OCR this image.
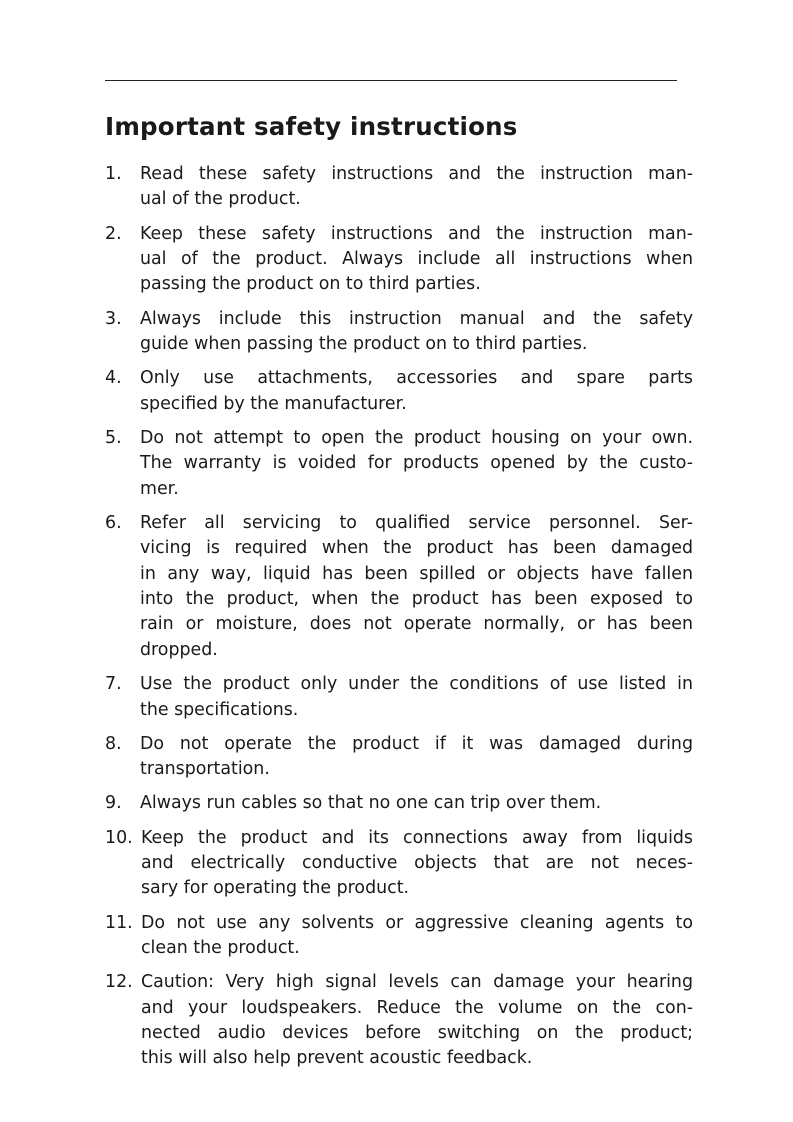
Important safety instructions
1. Read these safety instructions and the instruction man-
ual of the product.
2. Keep these safety instructions and the instruction man-
ual of the product. Always include all instructions when
passing the product on to third parties.
3. Always include this instruction manual and the safety
guide when passing the product on to third parties.
4. Only use attachments, accessories and spare parts
specified by the manufacturer.
5. Do not attempt to open the product housing on your own.
The warranty is voided for products opened by the custo-
mer.
6. Refer all servicing to qualified service personnel. Ser-
vicing is required when the product has been damaged
in any way, liquid has been spilled or objects have fallen
into the product, when the product has been exposed to
rain or moisture, does not operate normally, or has been
dropped.
7. Use the product only under the conditions of use listed in
the specifications.
8. Do not operate the product if it was damaged during
transportation.
9. Always run cables so that no one can trip over them.
10. Keep the product and its connections away from liquids
and electrically conductive objects that are not neces-
sary for operating the product.
11. Do not use any solvents or aggressive cleaning agents to
clean the product.
12. Caution: Very high signal levels can damage your hearing
and your loudspeakers. Reduce the volume on the con-
nected audio devices before switching on the product;
this will also help prevent acoustic feedback.
